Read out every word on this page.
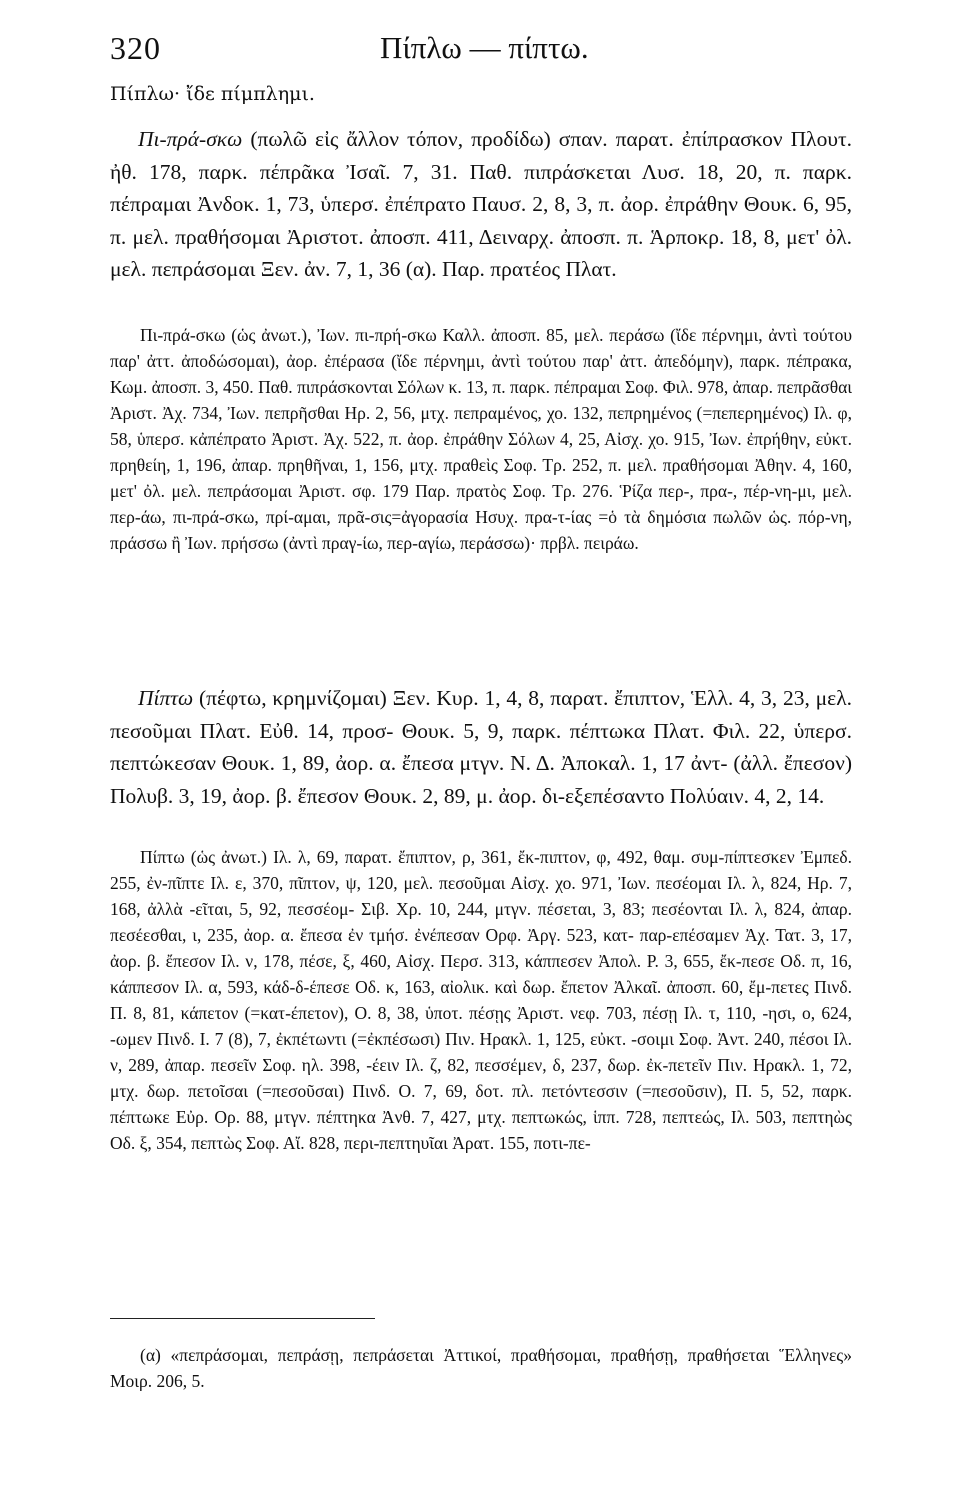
320	Πίπλω — πίπτω.

Πίπλω· ἴδε πίμπλημι.

Πι-πρά-σκω (πωλῶ εἰς ἄλλον τόπον, προδίδω) σπαν. παρατ. ἐπίπρασκον Πλουτ. ἠθ. 178, παρκ. πέπρᾶκα Ἰσαῖ. 7, 31. Παθ. πιπράσκεται Λυσ. 18, 20, π. παρκ. πέπραμαι Ἀνδοκ. 1, 73, ὑπερσ. ἐπέπρατο Παυσ. 2, 8, 3, π. ἀορ. ἐπράθην Θουκ. 6, 95, π. μελ. πραθήσομαι Ἀριστοτ. ἀποσπ. 411, Δειναρχ. ἀποσπ. π. Ἁρποκρ. 18, 8, μετ' ὀλ. μελ. πεπράσομαι Ξεν. ἀν. 7, 1, 36 (α). Παρ. πρατέος Πλατ.

Πι-πρά-σκω (ὡς ἀνωτ.), Ἰων. πι-πρή-σκω Καλλ. ἀποσπ. 85, μελ. περάσω (ἴδε πέρνημι, ἀντὶ τούτου παρ' ἀττ. ἀποδώσομαι), ἀορ. ἐπέρασα (ἴδε πέρνημι, ἀντὶ τούτου παρ' ἀττ. ἀπεδόμην), παρκ. πέπρακα, Κωμ. ἀποσπ. 3, 450. Παθ. πιπράσκονται Σόλων κ. 13, π. παρκ. πέπραμαι Σοφ. Φιλ. 978, ἀπαρ. πεπρᾶσθαι Ἀριστ. Ἀχ. 734, Ἰων. πεπρῆσθαι Ηρ. 2, 56, μτχ. πεπραμένος, χο. 132, πεπρημένος (=πεπερημένος) Ιλ. φ, 58, ὑπερσ. κἀπέπρατο Ἀριστ. Ἀχ. 522, π. ἀορ. ἐπράθην Σόλων 4, 25, Αἰσχ. χο. 915, Ἰων. ἐπρήθην, εὐκτ. πρηθείη, 1, 196, ἀπαρ. πρηθῆναι, 1, 156, μτχ. πραθεὶς Σοφ. Τρ. 252, π. μελ. πραθήσομαι Ἀθην. 4, 160, μετ' ὀλ. μελ. πεπράσομαι Ἀριστ. σφ. 179 Παρ. πρατὸς Σοφ. Τρ. 276. Ῥίζα περ-, πρα-, πέρ-νη-μι, μελ. περ-άω, πι-πρά-σκω, πρί-αμαι, πρᾶ-σις=ἀγορασία Ησυχ. πρα-τ-ίας =ὁ τὰ δημόσια πωλῶν ὡς. πόρ-νη, πράσσω ἢ Ἰων. πρήσσω (ἀντὶ πραγ-ίω, περ-αγίω, περάσσω)· πρβλ. πειράω.

Πίπτω (πέφτω, κρημνίζομαι) Ξεν. Κυρ. 1, 4, 8, παρατ. ἔπιπτον, Ἑλλ. 4, 3, 23, μελ. πεσοῦμαι Πλατ. Εὐθ. 14, προσ- Θουκ. 5, 9, παρκ. πέπτωκα Πλατ. Φιλ. 22, ὑπερσ. πεπτώκεσαν Θουκ. 1, 89, ἀορ. α. ἔπεσα μτγν. Ν. Δ. Ἀποκαλ. 1, 17 ἀντ- (ἀλλ. ἔπεσον) Πολυβ. 3, 19, ἀορ. β. ἔπεσον Θουκ. 2, 89, μ. ἀορ. δι-εξεπέσαντο Πολύαιν. 4, 2, 14.

Πίπτω (ὡς ἀνωτ.) Ιλ. λ, 69, παρατ. ἔπιπτον, ρ, 361, ἔκ-πιπτον, φ, 492, θαμ. συμ-πίπτεσκεν Ἐμπεδ. 255, ἐν-πῖπτε Ιλ. ε, 370, πῖπτον, ψ, 120, μελ. πεσοῦμαι Αἰσχ. χο. 971, Ἰων. πεσέομαι Ιλ. λ, 824, Ηρ. 7, 168, ἀλλὰ -εῖται, 5, 92, πεσσέομ- Σιβ. Χρ. 10, 244, μτγν. πέσεται, 3, 83; πεσέονται Ιλ. λ, 824, ἀπαρ. πεσέεσθαι, ι, 235, ἀορ. α. ἔπεσα ἐν τμήσ. ἐνέπεσαν Ορφ. Ἀργ. 523, κατ- παρ-επέσαμεν Ἀχ. Τατ. 3, 17, ἀορ. β. ἔπεσον Ιλ. ν, 178, πέσε, ξ, 460, Αἰσχ. Περσ. 313, κάππεσεν Ἀπολ. Ρ. 3, 655, ἔκ-πεσε Οδ. π, 16, κάππεσον Ιλ. α, 593, κάδ-δ-έπεσε Οδ. κ, 163, αἰολικ. καὶ δωρ. ἔπετον Ἀλκαῖ. ἀποσπ. 60, ἔμ-πετες Πινδ. Π. 8, 81, κάπετον (=κατ-έπετον), Ο. 8, 38, ὑποτ. πέσῃς Ἀριστ. νεφ. 703, πέσῃ Ιλ. τ, 110, -ησι, ο, 624, -ωμεν Πινδ. Ι. 7 (8), 7, ἐκπέτωντι (=ἐκπέσωσι) Πιν. Ηρακλ. 1, 125, εὐκτ. -σοιμι Σοφ. Ἀντ. 240, πέσοι Ιλ. ν, 289, ἀπαρ. πεσεῖν Σοφ. ηλ. 398, -έειν Ιλ. ζ, 82, πεσσέμεν, δ, 237, δωρ. ἐκ-πετεῖν Πιν. Ηρακλ. 1, 72, μτχ. δωρ. πετοῖσαι (=πεσοῦσαι) Πινδ. Ο. 7, 69, δοτ. πλ. πετόντεσσιν (=πεσοῦσιν), Π. 5, 52, παρκ. πέπτωκε Εὐρ. Ορ. 88, μτγν. πέπτηκα Ἀνθ. 7, 427, μτχ. πεπτωκώς, ἱππ. 728, πεπτεώς, Ιλ. 503, πεπτηὼς Οδ. ξ, 354, πεπτὼς Σοφ. Αἴ. 828, περι-πεπτηυῖαι Ἀρατ. 155, ποτι-πε-

(α) «πεπράσομαι, πεπράσῃ, πεπράσεται Ἀττικοί, πραθήσομαι, πραθήσῃ, πραθήσεται Ἕλληνες» Μοιρ. 206, 5.
